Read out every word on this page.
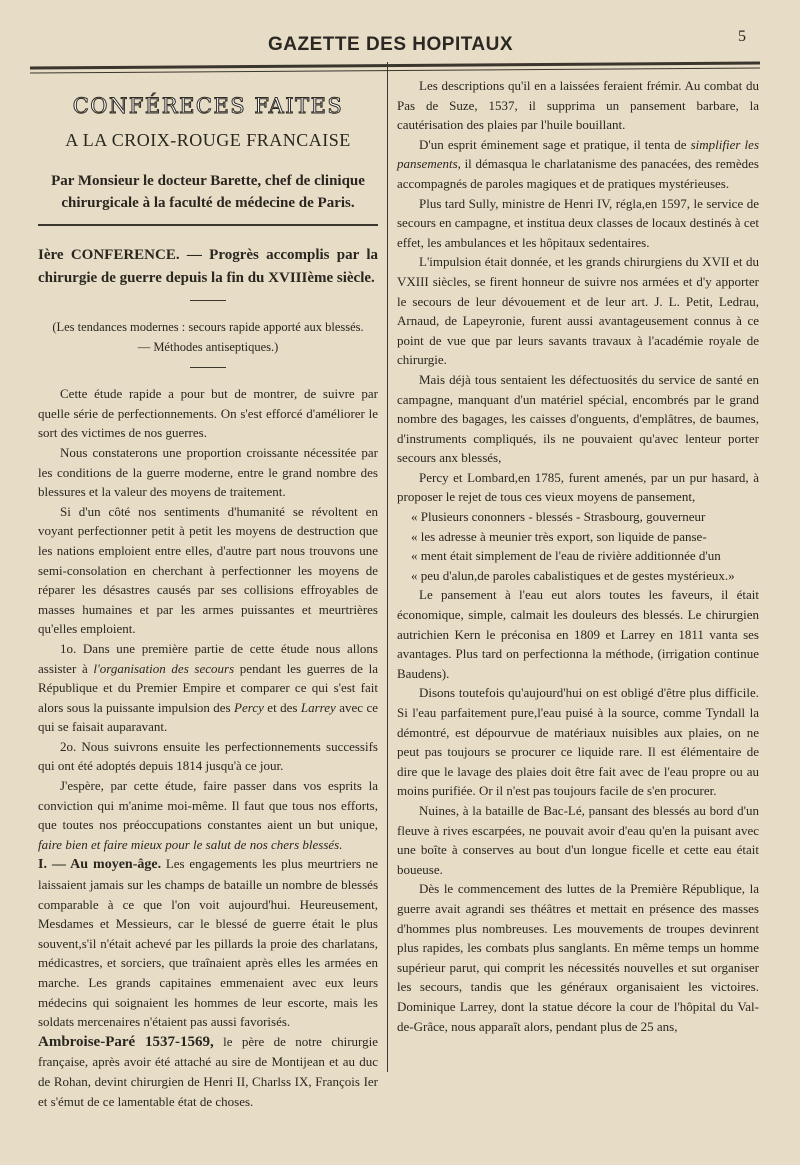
GAZETTE DES HOPITAUX	5
CONFÉRECES FAITES
A LA CROIX-ROUGE FRANCAISE
Par Monsieur le docteur Barette, chef de clinique chirurgicale à la faculté de médecine de Paris.
Ière CONFERENCE. — Progrès accomplis par la chirurgie de guerre depuis la fin du XVIIIème siècle.
(Les tendances modernes : secours rapide apporté aux blessés. — Méthodes antiseptiques.)

Cette étude rapide a pour but de montrer, de suivre par quelle série de perfectionnements. On s'est efforcé d'améliorer le sort des victimes de nos guerres.

Nous constaterons une proportion croissante nécessitée par les conditions de la guerre moderne, entre le grand nombre des blessures et la valeur des moyens de traitement.

Si d'un côté nos sentiments d'humanité se révoltent en voyant perfectionner petit à petit les moyens de destruction que les nations emploient entre elles, d'autre part nous trouvons une semi-consolation en cherchant à perfectionner les moyens de réparer les désastres causés par ses collisions effroyables de masses humaines et par les armes puissantes et meurtrières qu'elles emploient.

1o. Dans une première partie de cette étude nous allons assister à l'organisation des secours pendant les guerres de la République et du Premier Empire et comparer ce qui s'est fait alors sous la puissante impulsion des Percy et des Larrey avec ce qui se faisait auparavant.

2o. Nous suivrons ensuite les perfectionnements successifs qui ont été adoptés depuis 1814 jusqu'à ce jour.

J'espère, par cette étude, faire passer dans vos esprits la conviction qui m'anime moi-même. Il faut que tous nos efforts, que toutes nos préoccupations constantes aient un but unique, faire bien et faire mieux pour le salut de nos chers blessés.

I. — Au moyen-âge. Les engagements les plus meurtriers ne laissaient jamais sur les champs de bataille un nombre de blessés comparable à ce que l'on voit aujourd'hui. Heureusement, Mesdames et Messieurs, car le blessé de guerre était le plus souvent,s'il n'était achevé par les pillards la proie des charlatans, médicastres, et sorciers, que traînaient après elles les armées en marche. Les grands capitaines emmenaient avec eux leurs médecins qui soignaient les hommes de leur escorte, mais les soldats mercenaires n'étaient pas aussi favorisés.

Ambroise-Paré 1537-1569, le père de notre chirurgie française, après avoir été attaché au sire de Montijean et au duc de Rohan, devint chirurgien de Henri II, Charlss IX, François Ier et s'émut de ce lamentable état de choses.

Les descriptions qu'il en a laissées feraient frémir. Au combat du Pas de Suze, 1537, il supprima un pansement barbare, la cautérisation des plaies par l'huile bouillant.

D'un esprit éminement sage et pratique, il tenta de simplifier les pansements, il démasqua le charlatanisme des panacées, des remèdes accompagnés de paroles magiques et de pratiques mystérieuses.

Plus tard Sully, ministre de Henri IV, régla,en 1597, le service de secours en campagne, et institua deux classes de locaux destinés à cet effet, les ambulances et les hôpitaux sedentaires.

L'impulsion était donnée, et les grands chirurgiens du XVII et du VXIII siècles, se firent honneur de suivre nos armées et d'y apporter le secours de leur dévouement et de leur art. J. L. Petit, Ledrau, Arnaud, de Lapeyronie, furent aussi avantageusement connus à ce point de vue que par leurs savants travaux à l'académie royale de chirurgie.

Mais déjà tous sentaient les défectuosités du service de santé en campagne, manquant d'un matériel spécial, encombrés par le grand nombre des bagages, les caisses d'onguents, d'emplâtres, de baumes, d'instruments compliqués, ils ne pouvaient qu'avec lenteur porter secours anx blessés,

Percy et Lombard,en 1785, furent amenés, par un pur hasard, à proposer le rejet de tous ces vieux moyens de pansement,

« Plusieurs cononners - blessés - Strasbourg, gouverneur

« les adresse à meunier très export, son liquide de panse-

« ment était simplement de l'eau de rivière additionnée d'un

« peu d'alun,de paroles cabalistiques et de gestes mystérieux.»

Le pansement à l'eau eut alors toutes les faveurs, il était économique, simple, calmait les douleurs des blessés. Le chirurgien autrichien Kern le préconisa en 1809 et Larrey en 1811 vanta ses avantages. Plus tard on perfectionna la méthode, (irrigation continue Baudens).

Disons toutefois qu'aujourd'hui on est obligé d'être plus difficile. Si l'eau parfaitement pure,l'eau puisé à la source, comme Tyndall la démontré, est dépourvue de matériaux nuisibles aux plaies, on ne peut pas toujours se procurer ce liquide rare. Il est élémentaire de dire que le lavage des plaies doit être fait avec de l'eau propre ou au moins purifiée. Or il n'est pas toujours facile de s'en procurer.

Nuines, à la bataille de Bac-Lé, pansant des blessés au bord d'un fleuve à rives escarpées, ne pouvait avoir d'eau qu'en la puisant avec une boîte à conserves au bout d'un longue ficelle et cette eau était boueuse.

Dès le commencement des luttes de la Première République, la guerre avait agrandi ses théâtres et mettait en présence des masses d'hommes plus nombreuses. Les mouvements de troupes devinrent plus rapides, les combats plus sanglants. En même temps un homme supérieur parut, qui comprit les nécessités nouvelles et sut organiser les secours, tandis que les généraux organisaient les victoires. Dominique Larrey, dont la statue décore la cour de l'hôpital du Val-de-Grâce, nous apparaît alors, pendant plus de 25 ans,
